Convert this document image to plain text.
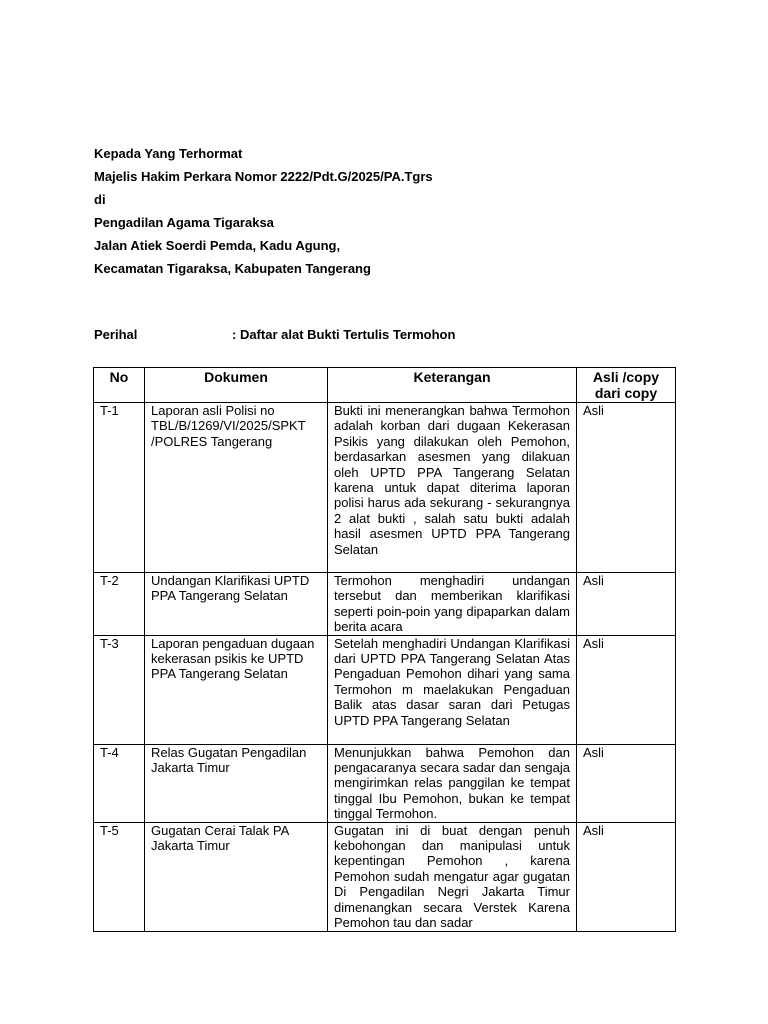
Kepada Yang Terhormat
Majelis Hakim Perkara Nomor 2222/Pdt.G/2025/PA.Tgrs
di
Pengadilan Agama Tigaraksa
Jalan Atiek Soerdi Pemda, Kadu Agung,
Kecamatan Tigaraksa, Kabupaten Tangerang
Perihal	: Daftar alat Bukti Tertulis Termohon
No	Dokumen	Keterangan	Asli /copy dari copy
T-1	Laporan asli Polisi no TBL/B/1269/VI/2025/SPKT /POLRES Tangerang	Bukti ini menerangkan bahwa Termohon adalah korban dari dugaan Kekerasan Psikis yang dilakukan oleh Pemohon, berdasarkan asesmen yang dilakuan oleh UPTD PPA Tangerang Selatan karena untuk dapat diterima laporan polisi harus ada sekurang - sekurangnya 2 alat bukti , salah satu bukti adalah hasil asesmen UPTD PPA Tangerang Selatan	Asli
T-2	Undangan Klarifikasi UPTD PPA Tangerang Selatan	Termohon menghadiri undangan tersebut dan memberikan klarifikasi seperti poin-poin yang dipaparkan dalam berita acara	Asli
T-3	Laporan pengaduan dugaan kekerasan psikis ke UPTD PPA Tangerang Selatan	Setelah menghadiri Undangan Klarifikasi dari UPTD PPA Tangerang Selatan Atas Pengaduan Pemohon dihari yang sama Termohon m maelakukan Pengaduan Balik atas dasar saran dari Petugas UPTD PPA Tangerang Selatan	Asli
T-4	Relas Gugatan Pengadilan Jakarta Timur	Menunjukkan bahwa Pemohon dan pengacaranya secara sadar dan sengaja mengirimkan relas panggilan ke tempat tinggal Ibu Pemohon, bukan ke tempat tinggal Termohon.	Asli
T-5	Gugatan Cerai Talak PA Jakarta Timur	Gugatan ini di buat dengan penuh kebohongan dan manipulasi untuk kepentingan Pemohon , karena Pemohon sudah mengatur agar gugatan Di Pengadilan Negri Jakarta Timur dimenangkan secara Verstek Karena Pemohon tau dan sadar	Asli
